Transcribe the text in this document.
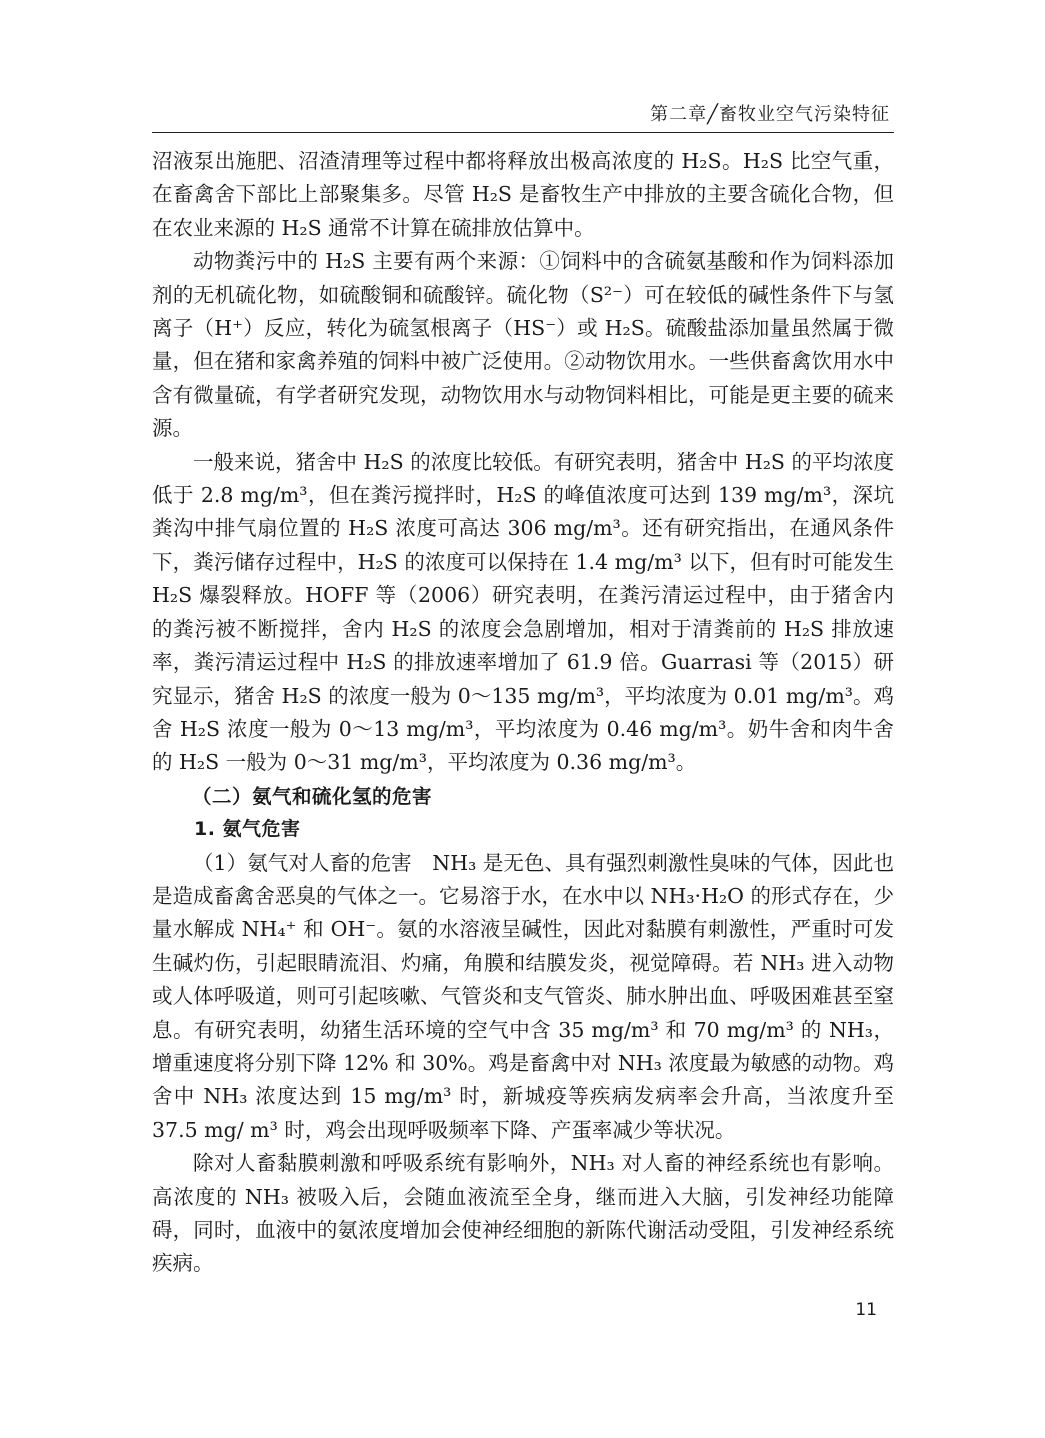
第二章╱畜牧业空气污染特征

沼液泵出施肥、沼渣清理等过程中都将释放出极高浓度的 H₂S。H₂S 比空气重，在畜禽舍下部比上部聚集多。尽管 H₂S 是畜牧生产中排放的主要含硫化合物，但在农业来源的 H₂S 通常不计算在硫排放估算中。

动物粪污中的 H₂S 主要有两个来源：①饲料中的含硫氨基酸和作为饲料添加剂的无机硫化物，如硫酸铜和硫酸锌。硫化物（S²⁻）可在较低的碱性条件下与氢离子（H⁺）反应，转化为硫氢根离子（HS⁻）或 H₂S。硫酸盐添加量虽然属于微量，但在猪和家禽养殖的饲料中被广泛使用。②动物饮用水。一些供畜禽饮用水中含有微量硫，有学者研究发现，动物饮用水与动物饲料相比，可能是更主要的硫来源。

一般来说，猪舍中 H₂S 的浓度比较低。有研究表明，猪舍中 H₂S 的平均浓度低于 2.8 mg/m³，但在粪污搅拌时，H₂S 的峰值浓度可达到 139 mg/m³，深坑粪沟中排气扇位置的 H₂S 浓度可高达 306 mg/m³。还有研究指出，在通风条件下，粪污储存过程中，H₂S 的浓度可以保持在 1.4 mg/m³ 以下，但有时可能发生 H₂S 爆裂释放。HOFF 等（2006）研究表明，在粪污清运过程中，由于猪舍内的粪污被不断搅拌，舍内 H₂S 的浓度会急剧增加，相对于清粪前的 H₂S 排放速率，粪污清运过程中 H₂S 的排放速率增加了 61.9 倍。Guarrasi 等（2015）研究显示，猪舍 H₂S 的浓度一般为 0～135 mg/m³，平均浓度为 0.01 mg/m³。鸡舍 H₂S 浓度一般为 0～13 mg/m³，平均浓度为 0.46 mg/m³。奶牛舍和肉牛舍的 H₂S 一般为 0～31 mg/m³，平均浓度为 0.36 mg/m³。

（二）氨气和硫化氢的危害

1. 氨气危害

（1）氨气对人畜的危害　 NH₃ 是无色、具有强烈刺激性臭味的气体，因此也是造成畜禽舍恶臭的气体之一。它易溶于水，在水中以 NH₃·H₂O 的形式存在，少量水解成 NH₄⁺ 和 OH⁻。氨的水溶液呈碱性，因此对黏膜有刺激性，严重时可发生碱灼伤，引起眼睛流泪、灼痛，角膜和结膜发炎，视觉障碍。若 NH₃ 进入动物或人体呼吸道，则可引起咳嗽、气管炎和支气管炎、肺水肿出血、呼吸困难甚至窒息。有研究表明，幼猪生活环境的空气中含 35 mg/m³ 和 70 mg/m³ 的 NH₃，增重速度将分别下降 12% 和 30%。鸡是畜禽中对 NH₃ 浓度最为敏感的动物。鸡舍中 NH₃ 浓度达到 15 mg/m³ 时，新城疫等疾病发病率会升高，当浓度升至 37.5 mg/ m³ 时，鸡会出现呼吸频率下降、产蛋率减少等状况。

除对人畜黏膜刺激和呼吸系统有影响外，NH₃ 对人畜的神经系统也有影响。高浓度的 NH₃ 被吸入后，会随血液流至全身，继而进入大脑，引发神经功能障碍，同时，血液中的氨浓度增加会使神经细胞的新陈代谢活动受阻，引发神经系统疾病。

11
